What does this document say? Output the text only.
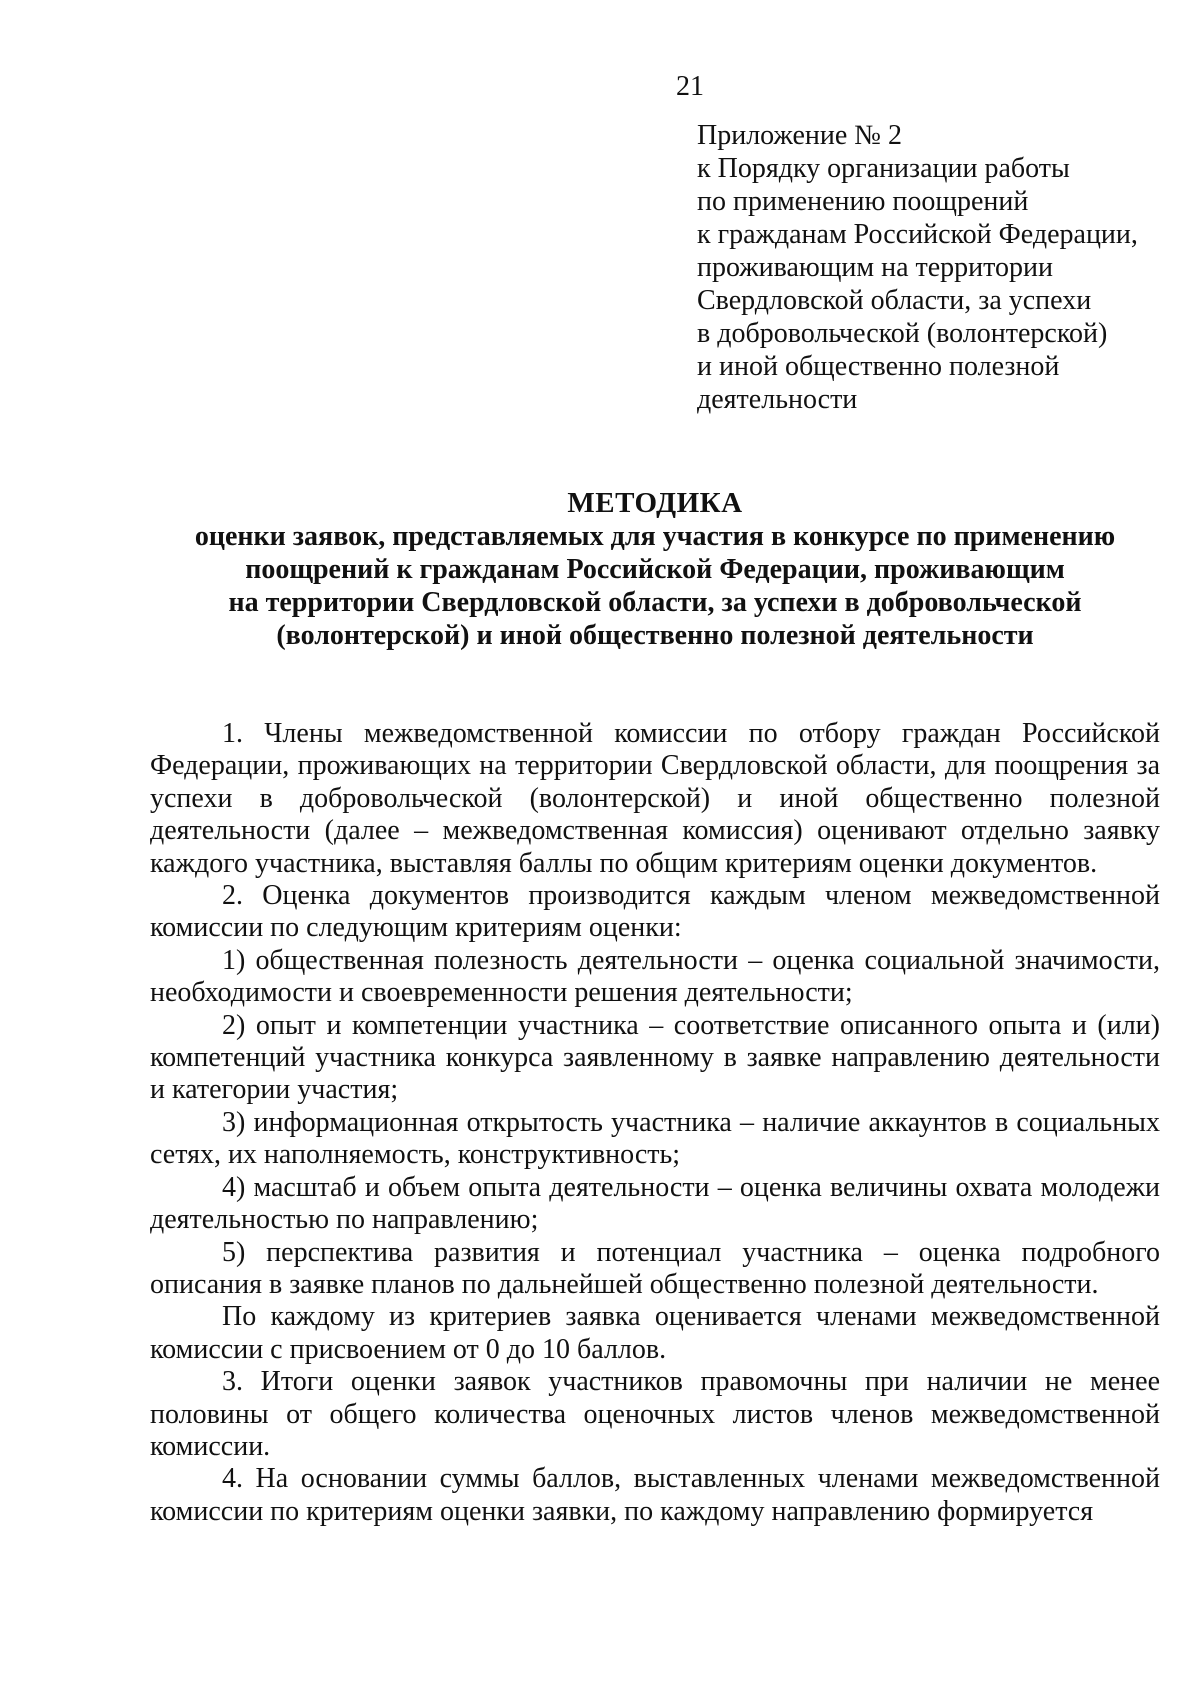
21
Приложение № 2
к Порядку организации работы
по применению поощрений
к гражданам Российской Федерации,
проживающим на территории
Свердловской области, за успехи
в добровольческой (волонтерской)
и иной общественно полезной
деятельности
МЕТОДИКА
оценки заявок, представляемых для участия в конкурсе по применению
поощрений к гражданам Российской Федерации, проживающим
на территории Свердловской области, за успехи в добровольческой
(волонтерской) и иной общественно полезной деятельности

1. Члены межведомственной комиссии по отбору граждан Российской Федерации, проживающих на территории Свердловской области, для поощрения за успехи в добровольческой (волонтерской) и иной общественно полезной деятельности (далее – межведомственная комиссия) оценивают отдельно заявку каждого участника, выставляя баллы по общим критериям оценки документов.

2. Оценка документов производится каждым членом межведомственной комиссии по следующим критериям оценки:

1) общественная полезность деятельности – оценка социальной значимости, необходимости и своевременности решения деятельности;

2) опыт и компетенции участника – соответствие описанного опыта и (или) компетенций участника конкурса заявленному в заявке направлению деятельности и категории участия;

3) информационная открытость участника – наличие аккаунтов в социальных сетях, их наполняемость, конструктивность;

4) масштаб и объем опыта деятельности – оценка величины охвата молодежи деятельностью по направлению;

5) перспектива развития и потенциал участника – оценка подробного описания в заявке планов по дальнейшей общественно полезной деятельности.

По каждому из критериев заявка оценивается членами межведомственной комиссии с присвоением от 0 до 10 баллов.

3. Итоги оценки заявок участников правомочны при наличии не менее половины от общего количества оценочных листов членов межведомственной комиссии.

4. На основании суммы баллов, выставленных членами межведомственной комиссии по критериям оценки заявки, по каждому направлению формируется
